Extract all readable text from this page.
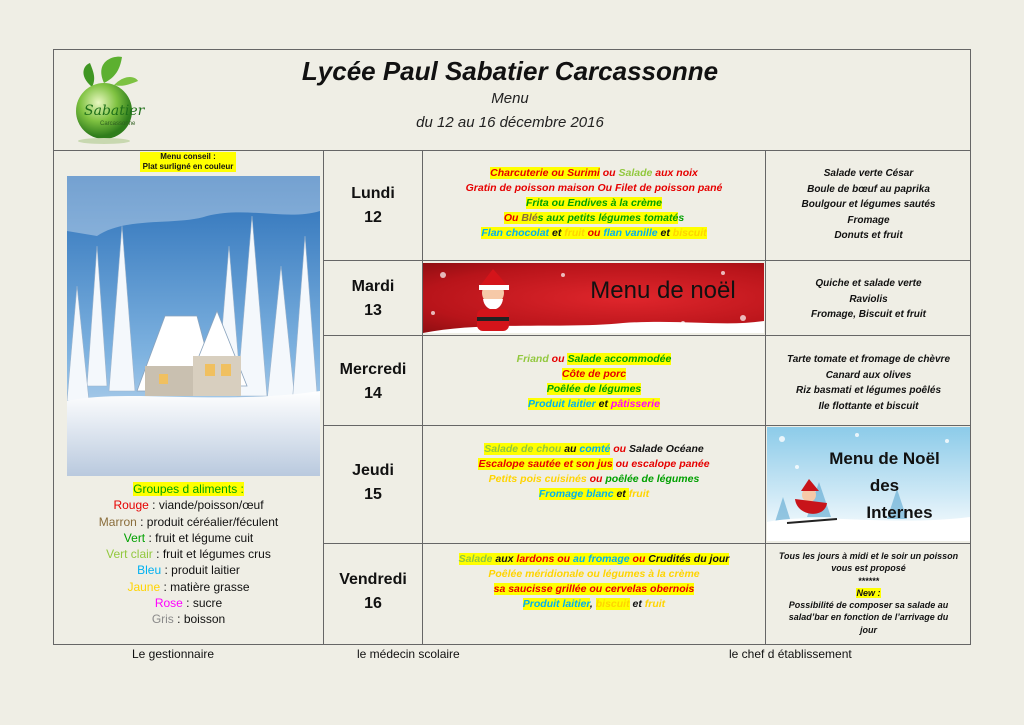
Sabatier
Carcassonne
Lycée Paul Sabatier Carcassonne
Menu
du 12 au 16 décembre 2016
Menu conseil :
Plat surligné en couleur
Groupes d aliments :
Rouge : viande/poisson/œuf
Marron : produit céréalier/féculent
Vert : fruit et légume cuit
Vert clair : fruit et légumes crus
Bleu : produit laitier
Jaune : matière grasse
Rose : sucre
Gris : boisson
Lundi
12
Mardi
13
Mercredi
14
Jeudi
15
Vendredi
16
Charcuterie ou Surimi ou Salade aux noix
Gratin de poisson maison Ou Filet de poisson pané
Frita ou Endives à la crème
Ou Blés aux petits légumes tomatés
Flan chocolat et fruit ou flan vanille et biscuit
Menu de noël
Friand ou Salade accommodée
Côte de porc
Poêlée de légumes
Produit laitier et pâtisserie
Salade de chou au comté ou Salade Océane
Escalope sautée et son jus ou escalope panée
Petits pois cuisinés ou poêlée de légumes
Fromage blanc et fruit
Salade aux lardons ou au fromage ou Crudités du jour
Poêlée méridionale ou légumes à la crème
sa saucisse grillée ou cervelas obernois
Produit laitier, biscuit et fruit
Salade verte César
Boule de bœuf au paprika
Boulgour et légumes sautés
Fromage
Donuts et fruit
Quiche et salade verte
Raviolis
Fromage, Biscuit et fruit
Tarte tomate et fromage de chèvre
Canard aux olives
Riz basmati et légumes poêlés
Ile flottante et biscuit
Menu de Noël
des
Internes
Tous les jours à midi et le soir un poisson
vous est proposé
******
New :
Possibilité de composer sa salade au
salad’bar en fonction de l’arrivage du
jour
Le gestionnaire	le médecin scolaire	le chef d établissement
